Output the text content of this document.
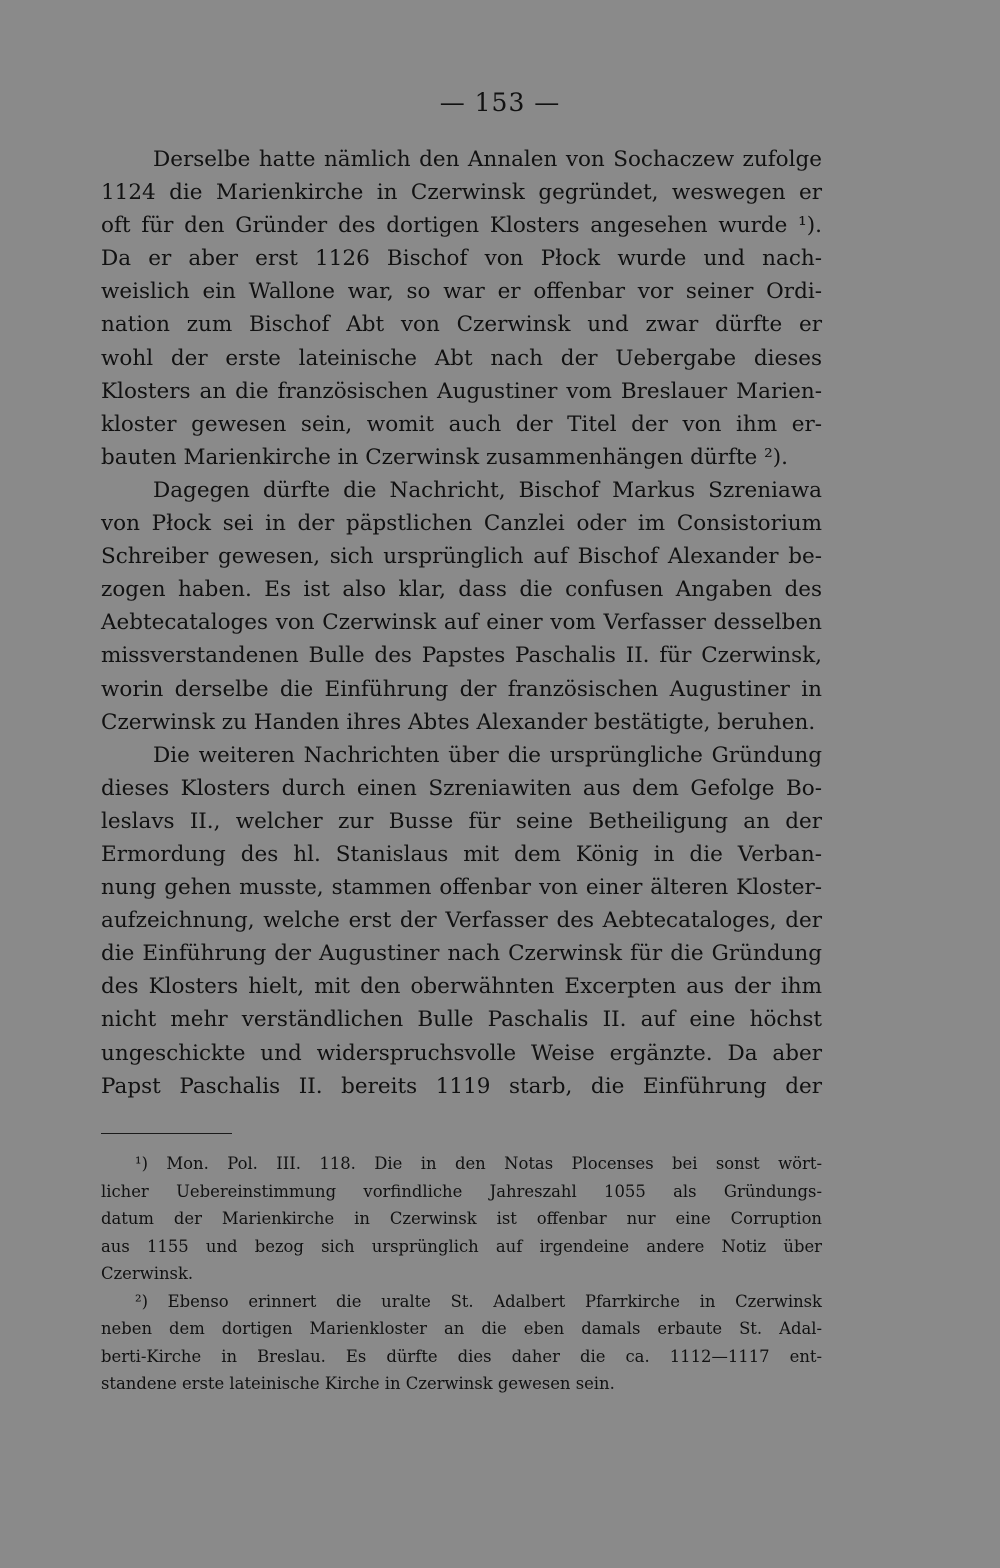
— 153 —
Derselbe hatte nämlich den Annalen von Sochaczew zufolge
1124 die Marienkirche in Czerwinsk gegründet, weswegen er
oft für den Gründer des dortigen Klosters angesehen wurde ¹).
Da er aber erst 1126 Bischof von Płock wurde und nach-
weislich ein Wallone war, so war er offenbar vor seiner Ordi-
nation zum Bischof Abt von Czerwinsk und zwar dürfte er
wohl der erste lateinische Abt nach der Uebergabe dieses
Klosters an die französischen Augustiner vom Breslauer Marien-
kloster gewesen sein, womit auch der Titel der von ihm er-
bauten Marienkirche in Czerwinsk zusammenhängen dürfte ²).
Dagegen dürfte die Nachricht, Bischof Markus Szreniawa
von Płock sei in der päpstlichen Canzlei oder im Consistorium
Schreiber gewesen, sich ursprünglich auf Bischof Alexander be-
zogen haben. Es ist also klar, dass die confusen Angaben des
Aebtecataloges von Czerwinsk auf einer vom Verfasser desselben
missverstandenen Bulle des Papstes Paschalis II. für Czerwinsk,
worin derselbe die Einführung der französischen Augustiner in
Czerwinsk zu Handen ihres Abtes Alexander bestätigte, beruhen.
Die weiteren Nachrichten über die ursprüngliche Gründung
dieses Klosters durch einen Szreniawiten aus dem Gefolge Bo-
leslavs II., welcher zur Busse für seine Betheiligung an der
Ermordung des hl. Stanislaus mit dem König in die Verban-
nung gehen musste, stammen offenbar von einer älteren Kloster-
aufzeichnung, welche erst der Verfasser des Aebtecataloges, der
die Einführung der Augustiner nach Czerwinsk für die Gründung
des Klosters hielt, mit den oberwähnten Excerpten aus der ihm
nicht mehr verständlichen Bulle Paschalis II. auf eine höchst
ungeschickte und widerspruchsvolle Weise ergänzte. Da aber
Papst Paschalis II. bereits 1119 starb, die Einführung der
¹) Mon. Pol. III. 118. Die in den Notas Plocenses bei sonst wört-
licher Uebereinstimmung vorfindliche Jahreszahl 1055 als Gründungs-
datum der Marienkirche in Czerwinsk ist offenbar nur eine Corruption
aus 1155 und bezog sich ursprünglich auf irgendeine andere Notiz über
Czerwinsk.
²) Ebenso erinnert die uralte St. Adalbert Pfarrkirche in Czerwinsk
neben dem dortigen Marienkloster an die eben damals erbaute St. Adal-
berti-Kirche in Breslau. Es dürfte dies daher die ca. 1112—1117 ent-
standene erste lateinische Kirche in Czerwinsk gewesen sein.
